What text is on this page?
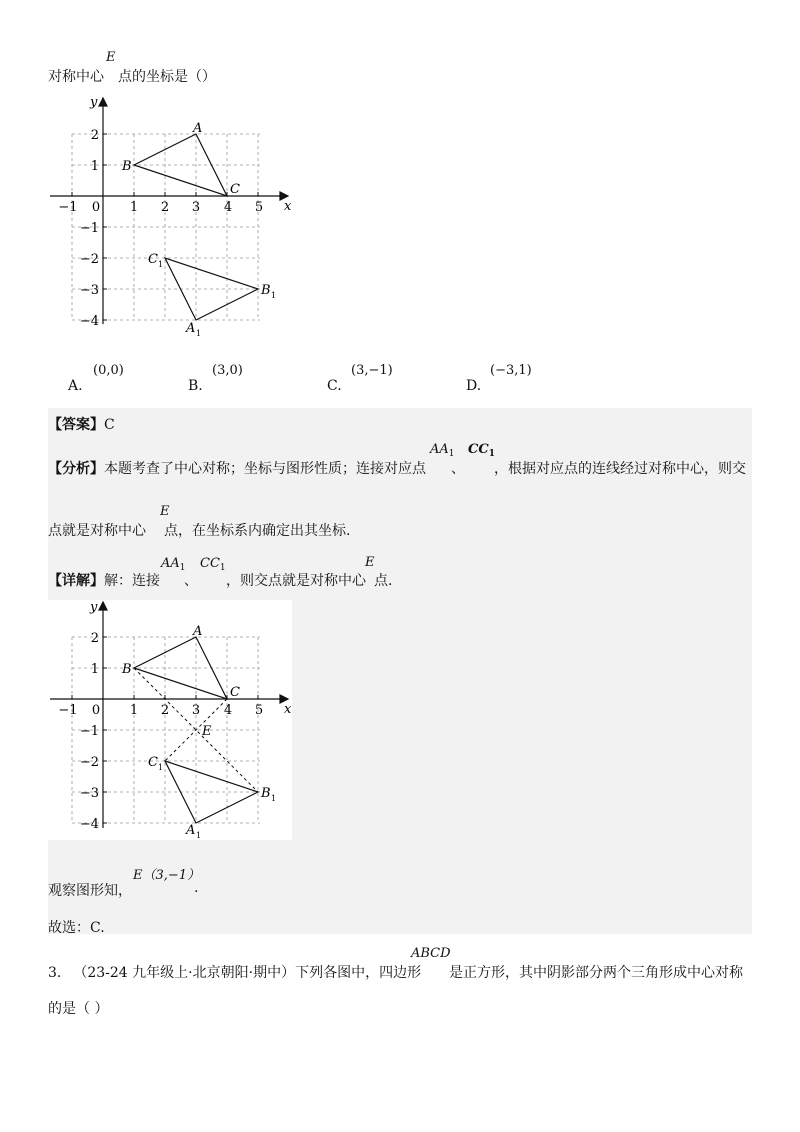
对称中心 点的坐标是（）
E
x
y
−1 0 1 2 3 4 5
2
1
−1
−2
−3
−4
A
B
C
C 1
B 1
A 1
(0,0)
A.
(3,0)
B.
(3,−1)
C.
(−3,1)
D.
【答案】C
【分析】本题考查了中心对称；坐标与图形性质；连接对应点
$AA_1$
、
$CC_1$
，根据对应点的连线经过对称中心，则交
点就是对称中心 点，在坐标系内确定出其坐标.
E
【详解】解：连接
$AA_1$
、
$CC_1$
，则交点就是对称中心
E
点.
x
y
−1 0 1 2 3 4 5
2
1
−1
−2
−3
−4
A
B
C
E
C 1
B 1
A 1
观察图形知，
E（3,−1）
.
故选：C.
3. （23-24 九年级上·北京朝阳·期中）下列各图中，四边形
ABCD
是正方形，其中阴影部分两个三角形成中心对称
的是（ ）
